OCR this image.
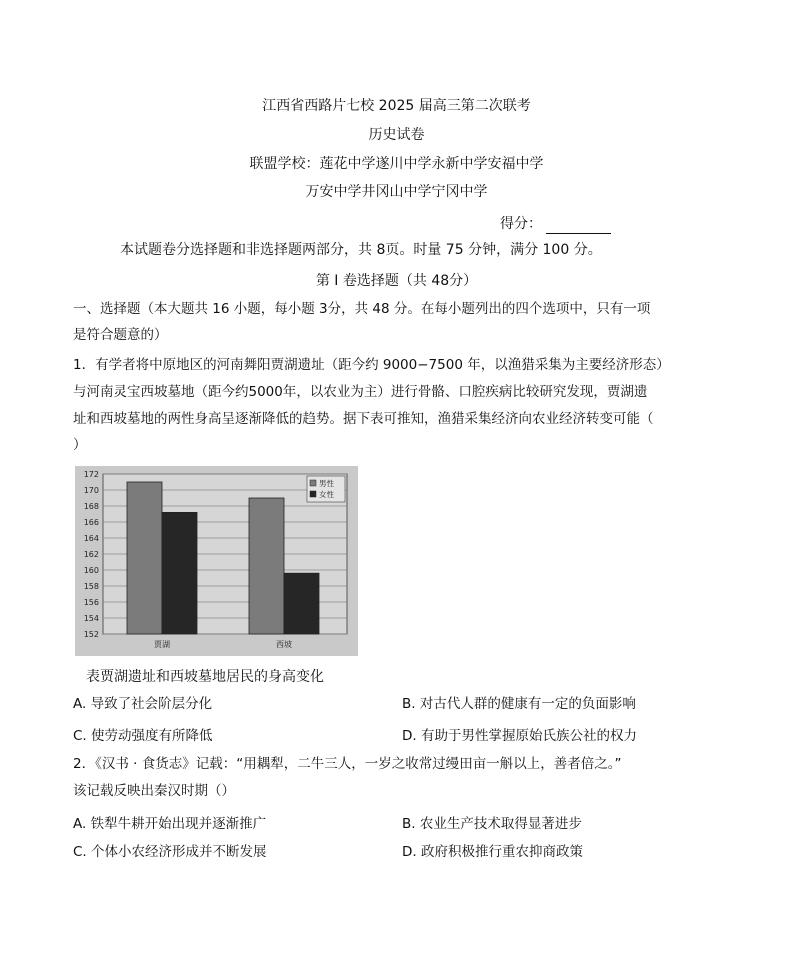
江西省西路片七校 2025 届高三第二次联考
历史试卷
联盟学校：莲花中学遂川中学永新中学安福中学
万安中学井冈山中学宁冈中学
得分：
本试题卷分选择题和非选择题两部分，共 8页。时量 75 分钟，满分 100 分。
第 I 卷选择题（共 48分）
一、选择题（本大题共 16 小题，每小题 3分，共 48 分。在每小题列出的四个选项中，只有一项
是符合题意的）
1．有学者将中原地区的河南舞阳贾湖遗址（距今约 9000−7500 年，以渔猎采集为主要经济形态）
与河南灵宝西坡墓地（距今约5000年，以农业为主）进行骨骼、口腔疾病比较研究发现，贾湖遗
址和西坡墓地的两性身高呈逐渐降低的趋势。据下表可推知，渔猎采集经济向农业经济转变可能（
）
152
154
156
158
160
162
164
166
168
170
172
贾湖	西坡
男性
女性
表贾湖遗址和西坡墓地居民的身高变化
A. 导致了社会阶层分化	B. 对古代人群的健康有一定的负面影响
C. 使劳动强度有所降低	D. 有助于男性掌握原始氏族公社的权力
2．《汉书 · 食货志》记载：“用耦犁，二牛三人，一岁之收常过缦田亩一斛以上，善者倍之。”
该记载反映出秦汉时期（）
A. 铁犁牛耕开始出现并逐渐推广	B. 农业生产技术取得显著进步
C. 个体小农经济形成并不断发展	D. 政府积极推行重农抑商政策
